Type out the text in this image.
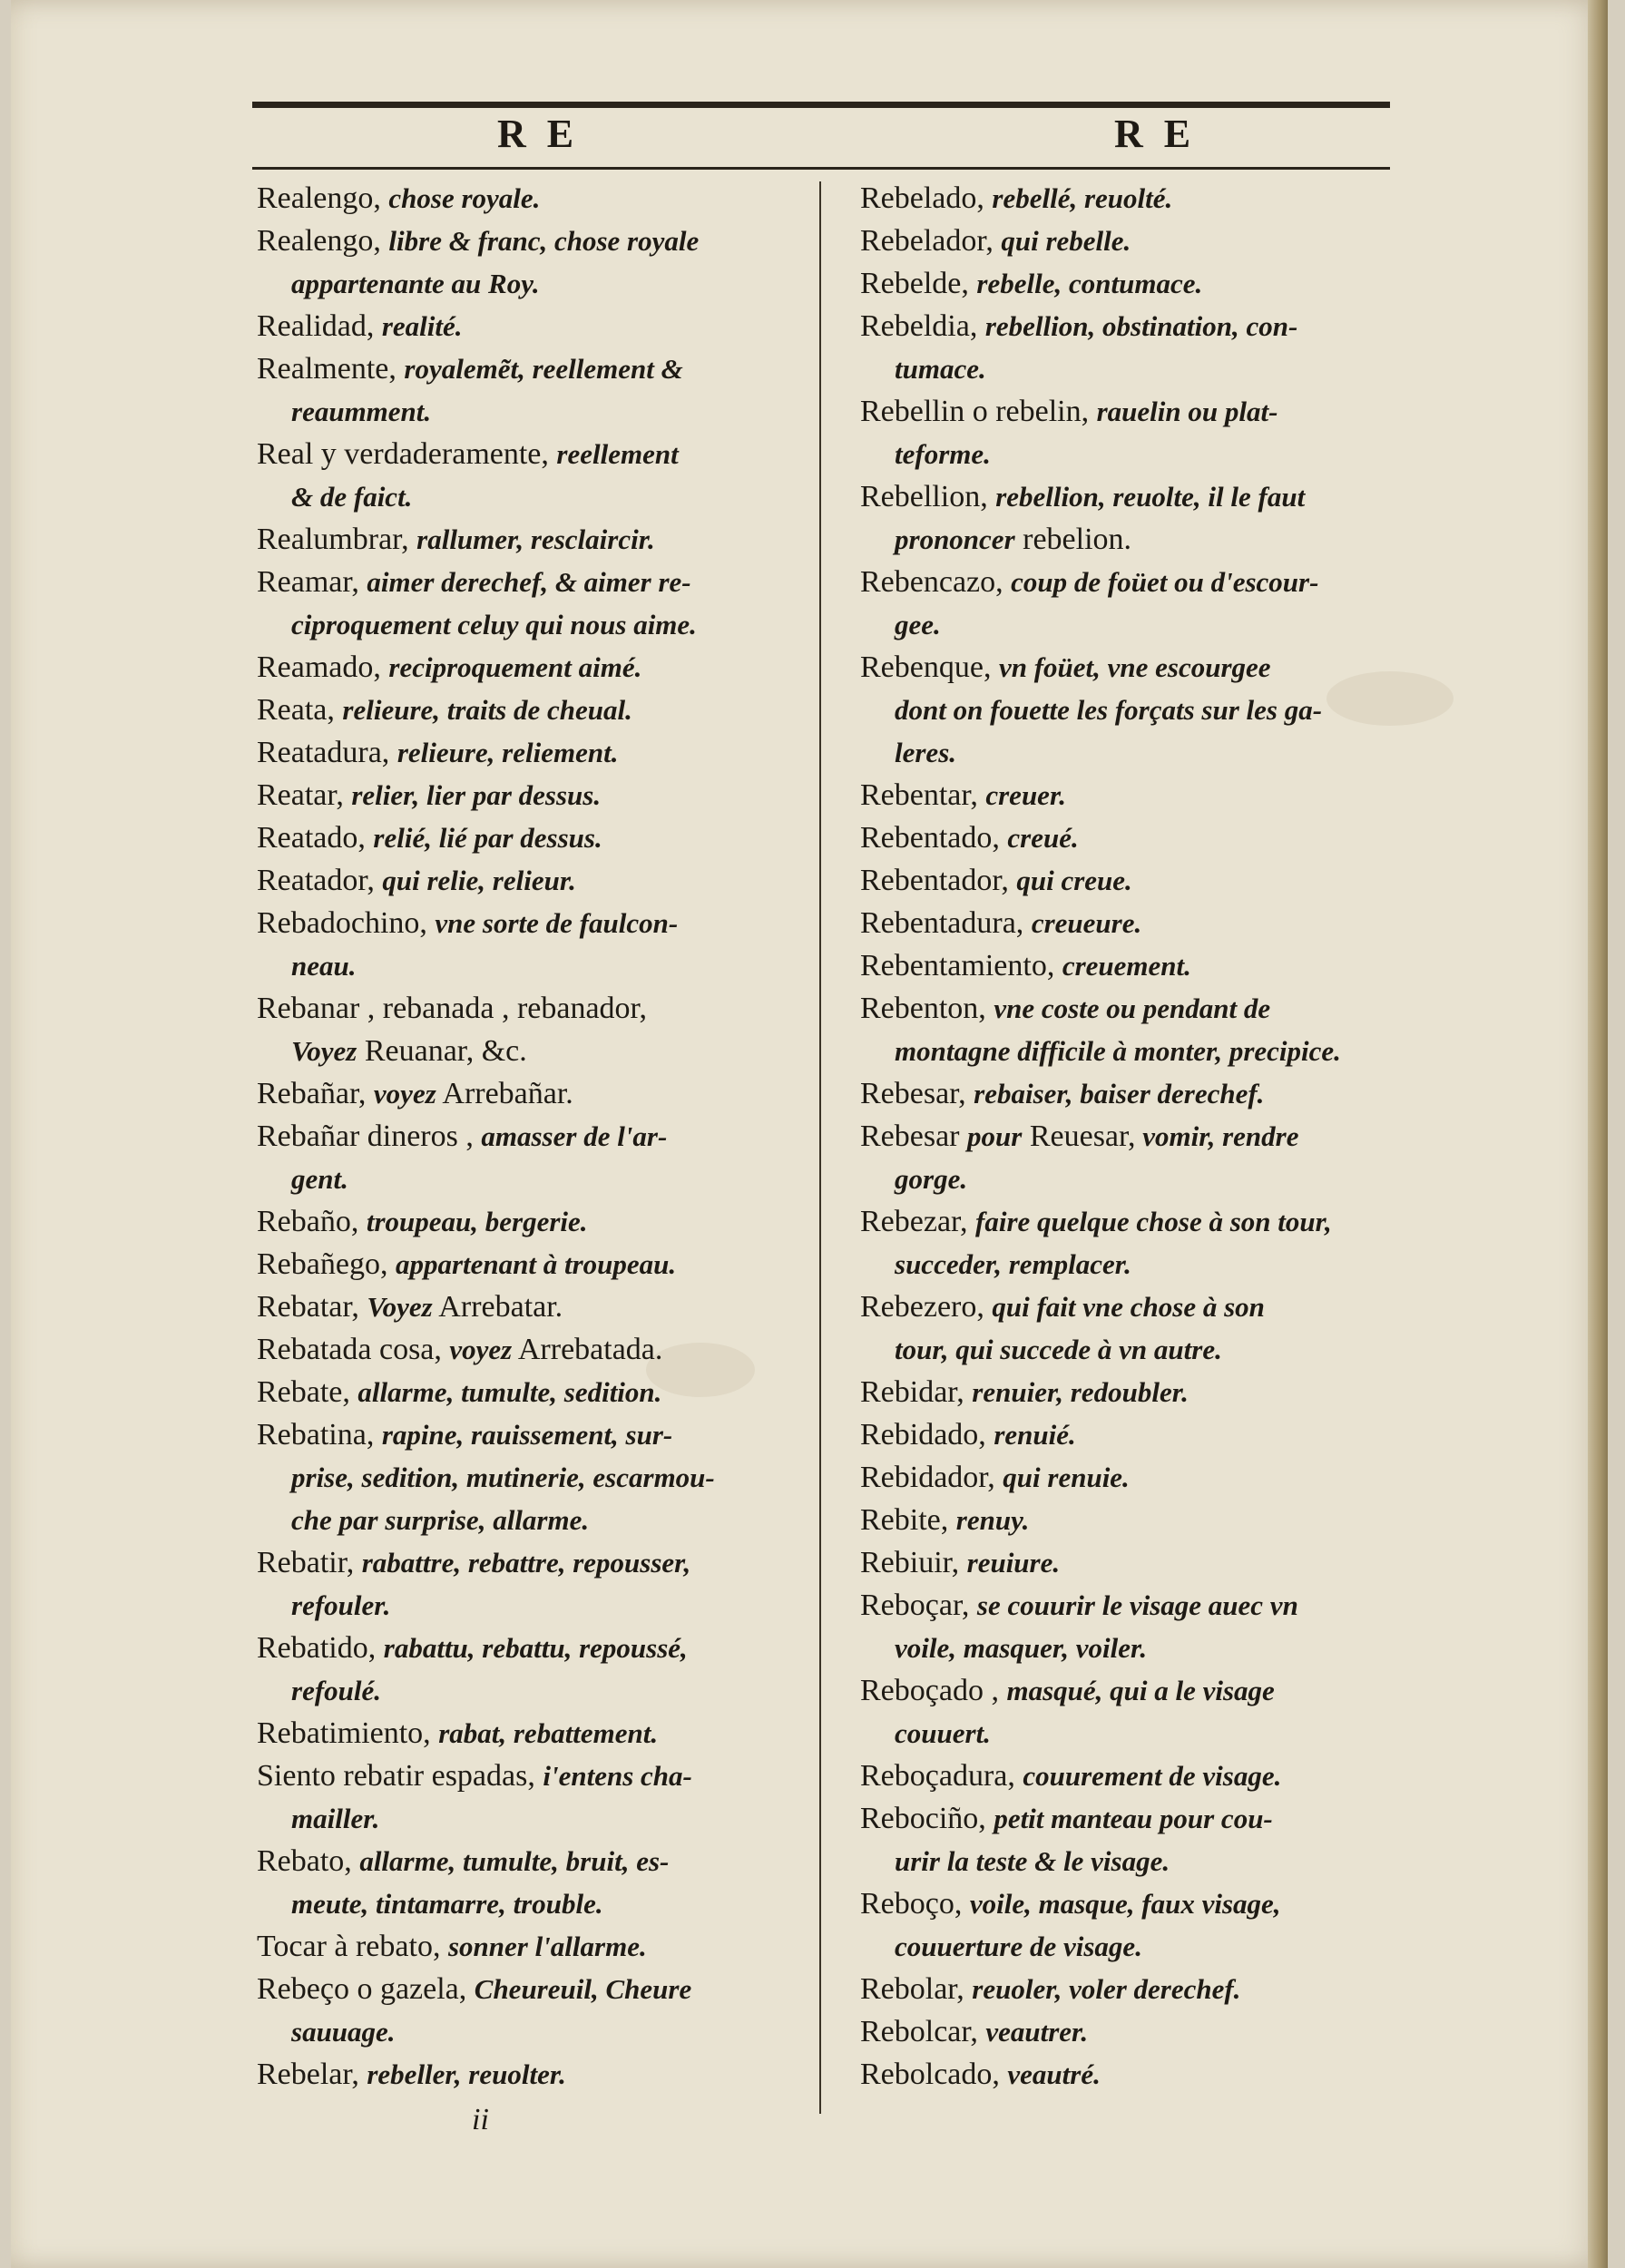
R E	R E
Realengo, chose royale.
Realengo, libre & franc, chose royale
appartenante au Roy.
Realidad, realité.
Realmente, royalemẽt, reellement &
reaumment.
Real y verdaderamente, reellement
& de faict.
Realumbrar, rallumer, resclaircir.
Reamar, aimer derechef, & aimer re-
ciproquement celuy qui nous aime.
Reamado, reciproquement aimé.
Reata, relieure, traits de cheual.
Reatadura, relieure, reliement.
Reatar, relier, lier par dessus.
Reatado, relié, lié par dessus.
Reatador, qui relie, relieur.
Rebadochino, vne sorte de faulcon-
neau.
Rebanar , rebanada , rebanador,
Voyez Reuanar, &c.
Rebañar, voyez Arrebañar.
Rebañar dineros , amasser de l'ar-
gent.
Rebaño, troupeau, bergerie.
Rebañego, appartenant à troupeau.
Rebatar, Voyez Arrebatar.
Rebatada cosa, voyez Arrebatada.
Rebate, allarme, tumulte, sedition.
Rebatina, rapine, rauissement, sur-
prise, sedition, mutinerie, escarmou-
che par surprise, allarme.
Rebatir, rabattre, rebattre, repousser,
refouler.
Rebatido, rabattu, rebattu, repoussé,
refoulé.
Rebatimiento, rabat, rebattement.
Siento rebatir espadas, i'entens cha-
mailler.
Rebato, allarme, tumulte, bruit, es-
meute, tintamarre, trouble.
Tocar à rebato, sonner l'allarme.
Rebeço o gazela, Cheureuil, Cheure
sauuage.
Rebelar, rebeller, reuolter.
Rebelado, rebellé, reuolté.
Rebelador, qui rebelle.
Rebelde, rebelle, contumace.
Rebeldia, rebellion, obstination, con-
tumace.
Rebellin o rebelin, rauelin ou plat-
teforme.
Rebellion, rebellion, reuolte, il le faut
prononcer rebelion.
Rebencazo, coup de foüet ou d'escour-
gee.
Rebenque, vn foüet, vne escourgee
dont on fouette les forçats sur les ga-
leres.
Rebentar, creuer.
Rebentado, creué.
Rebentador, qui creue.
Rebentadura, creueure.
Rebentamiento, creuement.
Rebenton, vne coste ou pendant de
montagne difficile à monter, precipice.
Rebesar, rebaiser, baiser derechef.
Rebesar pour Reuesar, vomir, rendre
gorge.
Rebezar, faire quelque chose à son tour,
succeder, remplacer.
Rebezero, qui fait vne chose à son
tour, qui succede à vn autre.
Rebidar, renuier, redoubler.
Rebidado, renuié.
Rebidador, qui renuie.
Rebite, renuy.
Rebiuir, reuiure.
Reboçar, se couurir le visage auec vn
voile, masquer, voiler.
Reboçado , masqué, qui a le visage
couuert.
Reboçadura, couurement de visage.
Rebociño, petit manteau pour cou-
urir la teste & le visage.
Reboço, voile, masque, faux visage,
couuerture de visage.
Rebolar, reuoler, voler derechef.
Rebolcar, veautrer.
Rebolcado, veautré.
ii
